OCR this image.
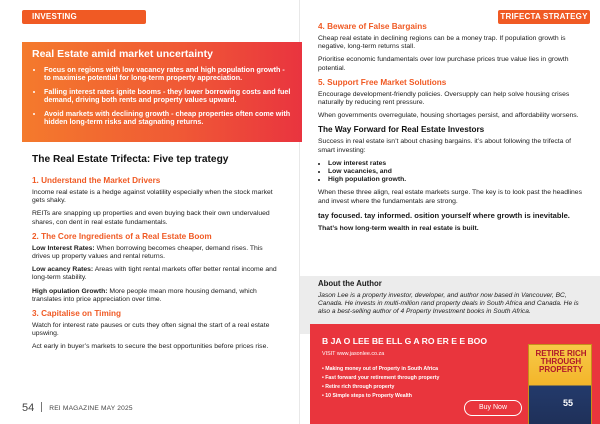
INVESTING	TRIFECTA STRATEGY
Real Estate amid market uncertainty
• Focus on regions with low vacancy rates and high population growth - to maximise potential for long-term property appreciation.
• Falling interest rates ignite booms - they lower borrowing costs and fuel demand, driving both rents and property values upward.
• Avoid markets with declining growth - cheap properties often come with hidden long-term risks and stagnating returns.
The Real Estate Trifecta: Five tep trategy
1. Understand the Market Drivers

Income real estate is a hedge against volatility especially when the stock market gets shaky.

REITs are snapping up properties and even buying back their own undervalued shares, con dent in real estate fundamentals.

2. The Core Ingredients of a Real Estate Boom

Low Interest Rates: When borrowing becomes cheaper, demand rises. This drives up property values and rental returns.

Low acancy Rates: Areas with tight rental markets offer better rental income and long-term stability.

High opulation Growth: More people mean more housing demand, which translates into price appreciation over time.

3. Capitalise on Timing

Watch for interest rate pauses or cuts they often signal the start of a real estate upswing.

Act early in buyer’s markets to secure the best opportunities before prices rise.

4. Beware of False Bargains

Cheap real estate in declining regions can be a money trap. If population growth is negative, long-term returns stall.

Prioritise economic fundamentals over low purchase prices true value lies in growth potential.

5. Support Free Market Solutions

Encourage development-friendly policies. Oversupply can help solve housing crises naturally by reducing rent pressure.

When governments overregulate, housing shortages persist, and affordability worsens.

The Way Forward for Real Estate Investors

Success in real estate isn’t about chasing bargains. it’s about following the trifecta of smart investing:

• Low interest rates
• Low vacancies, and
• High population growth.

When these three align, real estate markets surge. The key is to look past the headlines and invest where the fundamentals are strong.

tay focused. tay informed. osition yourself where growth is inevitable.

That’s how long-term wealth in real estate is built.

About the Author

Jason Lee is a property investor, developer, and author now based in Vancouver, BC, Canada. He invests in multi-million rand property deals in South Africa and Canada. He is also a best-selling author of 4 Property Investment books in South Africa.

B JA O LEE BE ELL G A RO ER E E BOO
VISIT www.jasonlee.co.za
• Making money out of Property in South Africa
• Fast forward your retirement through property
• Retire rich through property
• 10 Simple steps to Property Wealth
Buy Now
RETIRE RICH THROUGH PROPERTY
55
54 REI MAGAZINE MAY 2025
